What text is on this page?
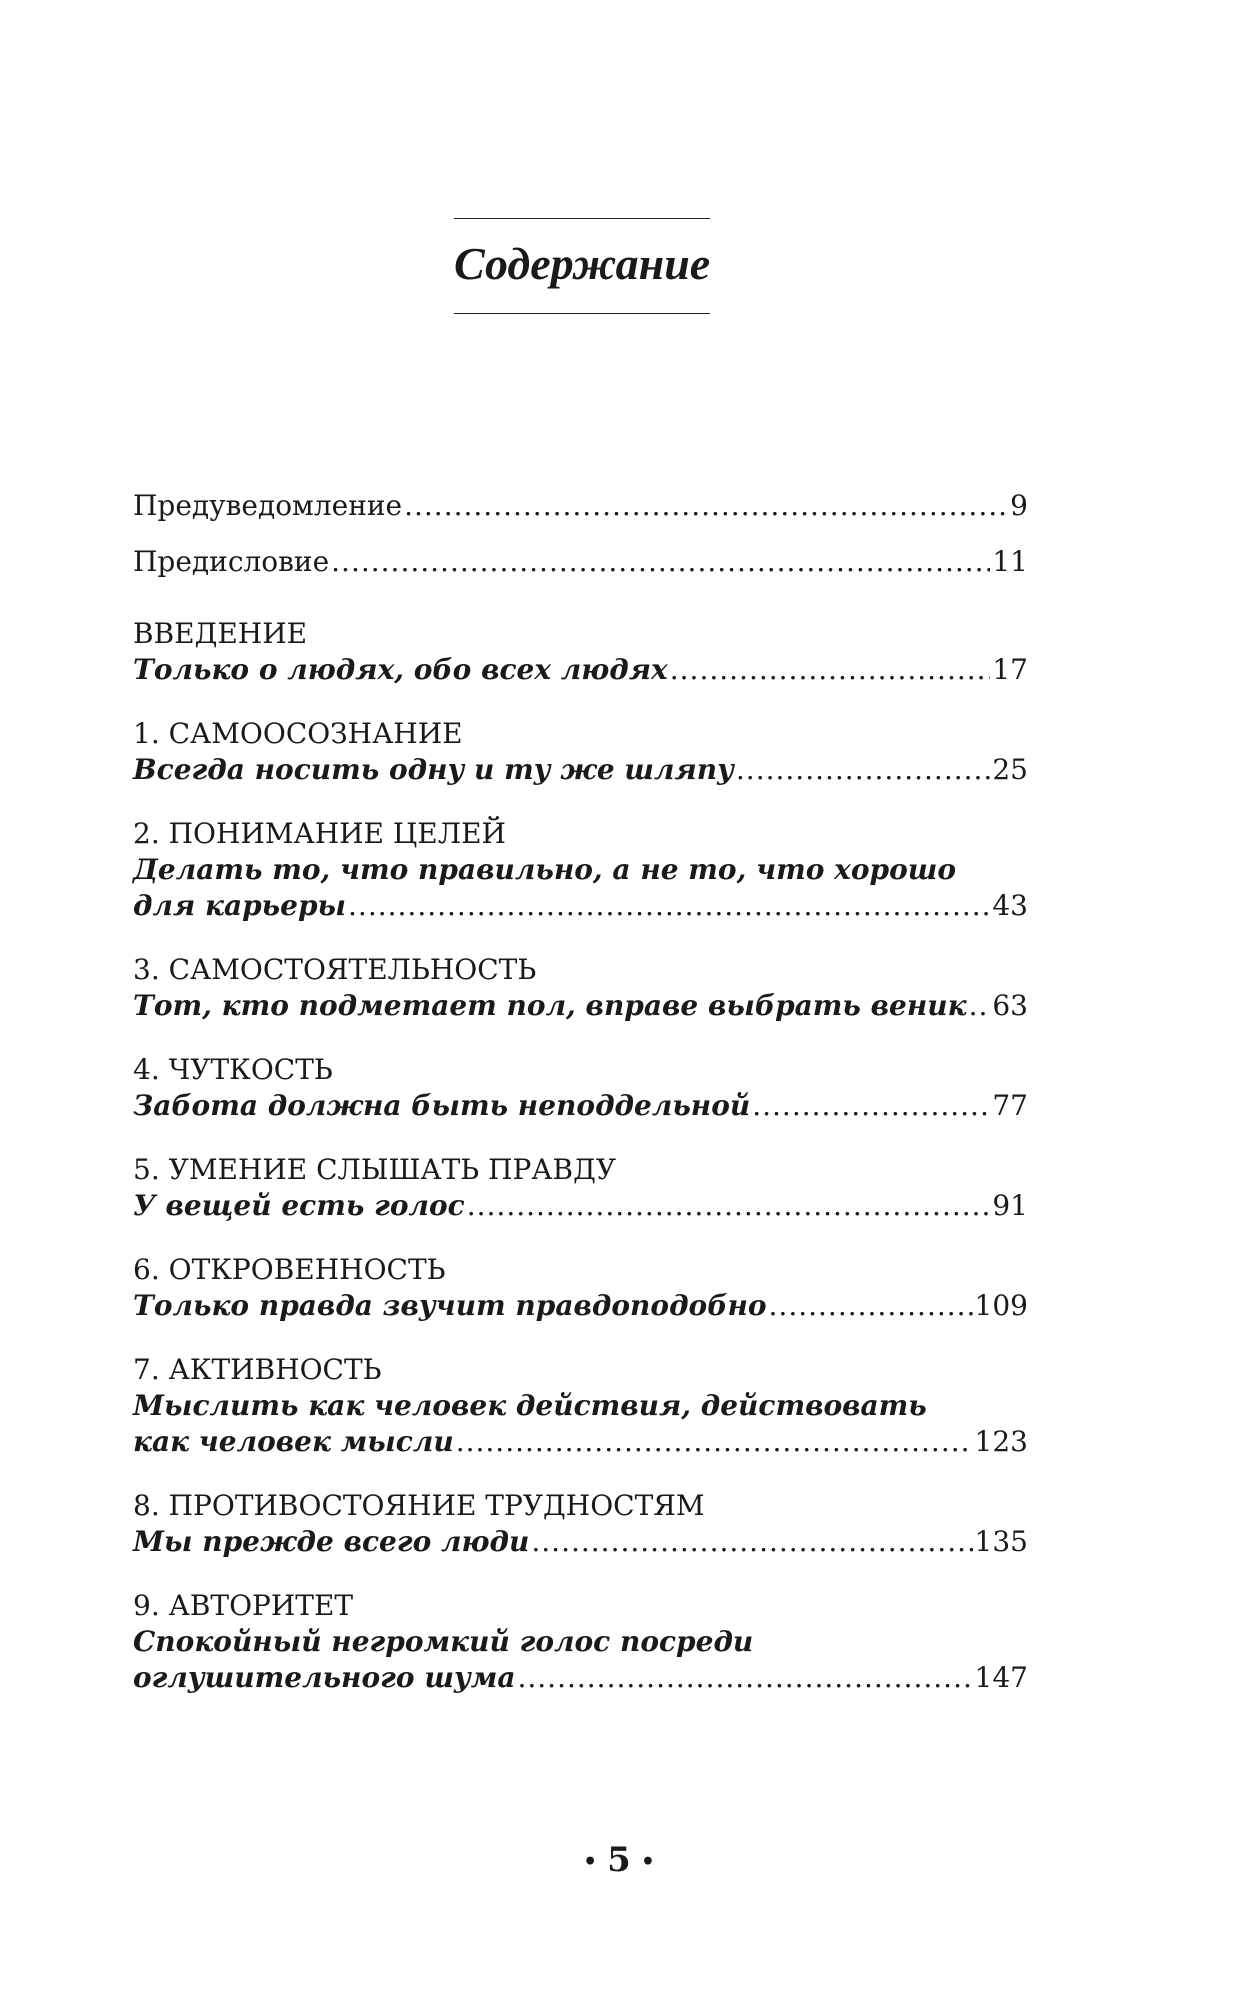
Содержание
Предуведомление .....	9
Предисловие .....	11
ВВЕДЕНИЕ
Только о людях, обо всех людях .....	17
1. САМООСОЗНАНИЕ
Всегда носить одну и ту же шляпу .....	25
2. ПОНИМАНИЕ ЦЕЛЕЙ
Делать то, что правильно, а не то, что хорошо
для карьеры .....	43
3. САМОСТОЯТЕЛЬНОСТЬ
Тот, кто подметает пол, вправе выбрать веник ..... 63
4. ЧУТКОСТЬ
Забота должна быть неподдельной .....	77
5. УМЕНИЕ СЛЫШАТЬ ПРАВДУ
У вещей есть голос .....	91
6. ОТКРОВЕННОСТЬ
Только правда звучит правдоподобно .....	109
7. АКТИВНОСТЬ
Мыслить как человек действия, действовать
как человек мысли .....	123
8. ПРОТИВОСТОЯНИЕ ТРУДНОСТЯМ
Мы прежде всего люди .....	135
9. АВТОРИТЕТ
Спокойный негромкий голос посреди
оглушительного шума .....	147
• 5 •
